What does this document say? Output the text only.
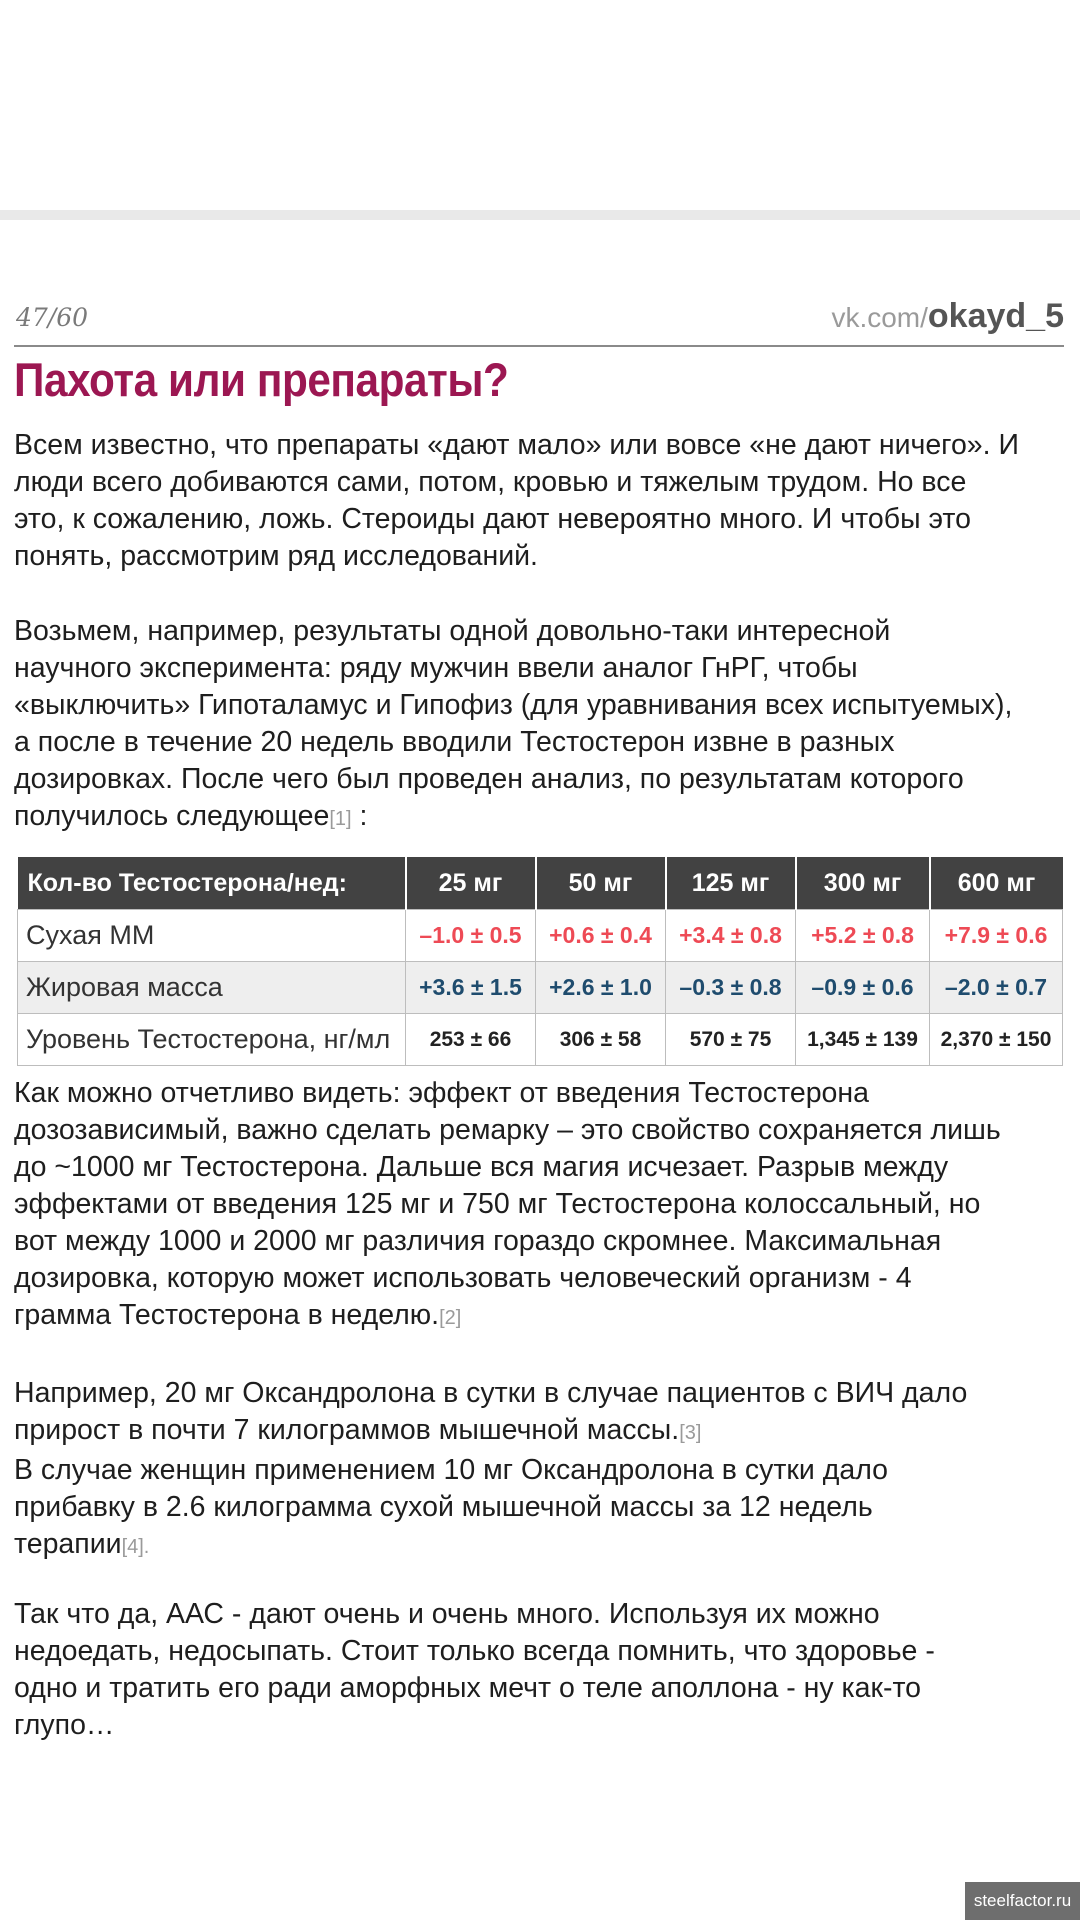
47/60	vk.com/okayd_5
Пахота или препараты?
Всем известно, что препараты «дают мало» или вовсе «не дают ничего». И
люди всего добиваются сами, потом, кровью и тяжелым трудом. Но все
это, к сожалению, ложь. Стероиды дают невероятно много. И чтобы это
понять, рассмотрим ряд исследований.
Возьмем, например, результаты одной довольно-таки интересной
научного эксперимента: ряду мужчин ввели аналог ГнРГ, чтобы
«выключить» Гипоталамус и Гипофиз (для уравнивания всех испытуемых),
а после в течение 20 недель вводили Тестостерон извне в разных
дозировках. После чего был проведен анализ, по результатам которого
получилось следующее[1] :
Кол-во Тестостерона/нед:	25 мг	50 мг	125 мг	300 мг	600 мг
Сухая ММ	–1.0 ± 0.5	+0.6 ± 0.4	+3.4 ± 0.8	+5.2 ± 0.8	+7.9 ± 0.6
Жировая масса	+3.6 ± 1.5	+2.6 ± 1.0	–0.3 ± 0.8	–0.9 ± 0.6	–2.0 ± 0.7
Уровень Тестостерона, нг/мл	253 ± 66	306 ± 58	570 ± 75	1,345 ± 139	2,370 ± 150
Как можно отчетливо видеть: эффект от введения Тестостерона
дозозависимый, важно сделать ремарку – это свойство сохраняется лишь
до ~1000 мг Тестостерона. Дальше вся магия исчезает. Разрыв между
эффектами от введения 125 мг и 750 мг Тестостерона колоссальный, но
вот между 1000 и 2000 мг различия гораздо скромнее. Максимальная
дозировка, которую может использовать человеческий организм - 4
грамма Тестостерона в неделю.[2]
Например, 20 мг Оксандролона в сутки в случае пациентов с ВИЧ дало
прирост в почти 7 килограммов мышечной массы.[3]
В случае женщин применением 10 мг Оксандролона в сутки дало
прибавку в 2.6 килограмма сухой мышечной массы за 12 недель
терапии[4].
Так что да, ААС - дают очень и очень много. Используя их можно
недоедать, недосыпать. Стоит только всегда помнить, что здоровье -
одно и тратить его ради аморфных мечт о теле аполлона - ну как-то
глупо…
steelfactor.ru
